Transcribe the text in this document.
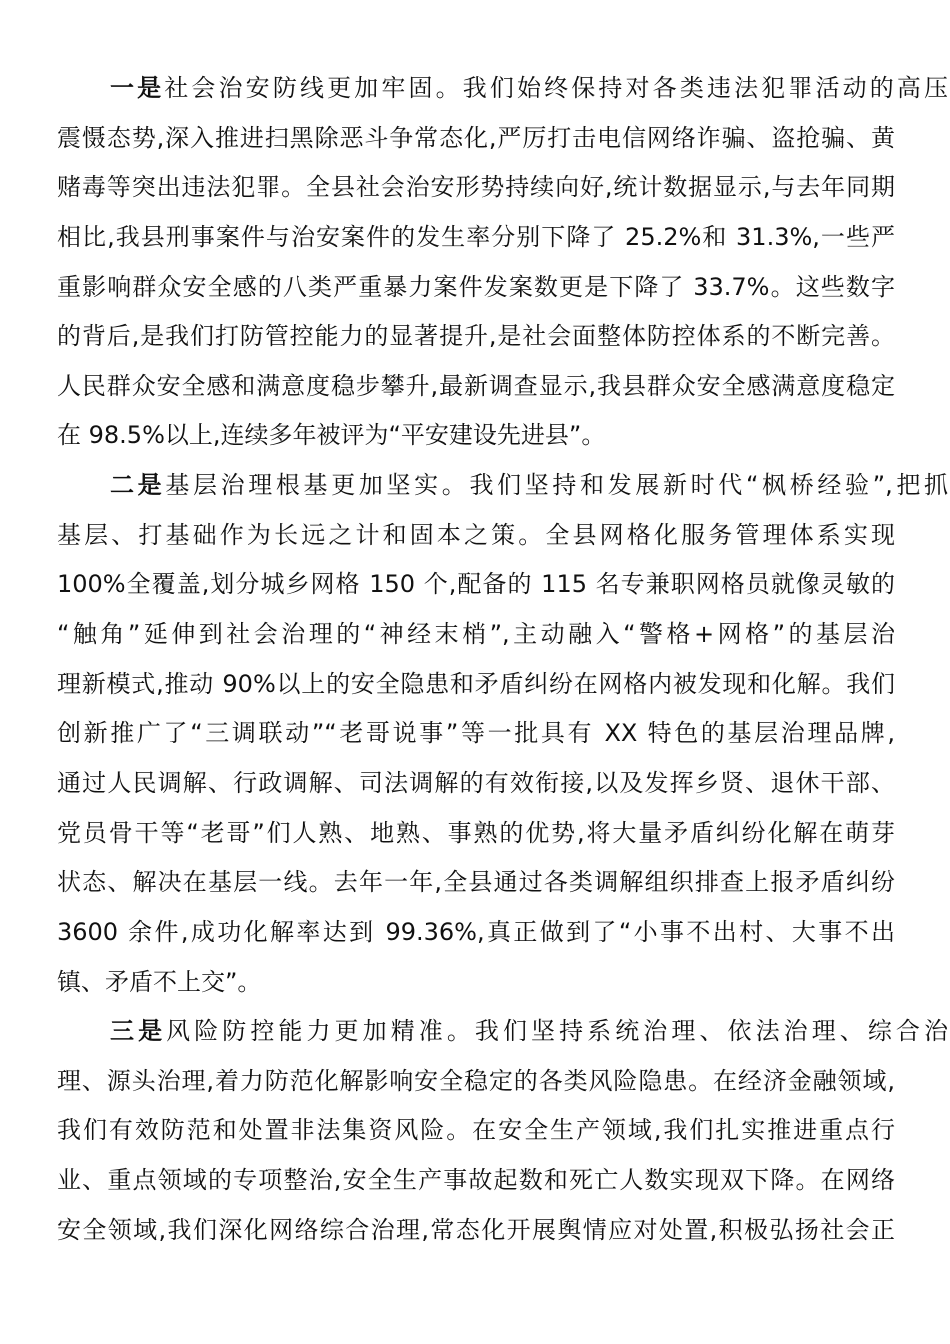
一是社会治安防线更加牢固。我们始终保持对各类违法犯罪活动的高压
震慑态势,深入推进扫黑除恶斗争常态化,严厉打击电信网络诈骗、盗抢骗、黄
赌毒等突出违法犯罪。全县社会治安形势持续向好,统计数据显示,与去年同期
相比,我县刑事案件与治安案件的发生率分别下降了 25.2%和 31.3%,一些严
重影响群众安全感的八类严重暴力案件发案数更是下降了 33.7%。这些数字
的背后,是我们打防管控能力的显著提升,是社会面整体防控体系的不断完善。
人民群众安全感和满意度稳步攀升,最新调查显示,我县群众安全感满意度稳定
在 98.5%以上,连续多年被评为“平安建设先进县”。
二是基层治理根基更加坚实。我们坚持和发展新时代“枫桥经验”,把抓
基层、打基础作为长远之计和固本之策。全县网格化服务管理体系实现
100%全覆盖,划分城乡网格 150 个,配备的 115 名专兼职网格员就像灵敏的
“触角”延伸到社会治理的“神经末梢”,主动融入“警格+网格”的基层治
理新模式,推动 90%以上的安全隐患和矛盾纠纷在网格内被发现和化解。我们
创新推广了“三调联动”“老哥说事”等一批具有 XX 特色的基层治理品牌,
通过人民调解、行政调解、司法调解的有效衔接,以及发挥乡贤、退休干部、
党员骨干等“老哥”们人熟、地熟、事熟的优势,将大量矛盾纠纷化解在萌芽
状态、解决在基层一线。去年一年,全县通过各类调解组织排查上报矛盾纠纷
3600 余件,成功化解率达到 99.36%,真正做到了“小事不出村、大事不出
镇、矛盾不上交”。
三是风险防控能力更加精准。我们坚持系统治理、依法治理、综合治
理、源头治理,着力防范化解影响安全稳定的各类风险隐患。在经济金融领域,
我们有效防范和处置非法集资风险。在安全生产领域,我们扎实推进重点行
业、重点领域的专项整治,安全生产事故起数和死亡人数实现双下降。在网络
安全领域,我们深化网络综合治理,常态化开展舆情应对处置,积极弘扬社会正
